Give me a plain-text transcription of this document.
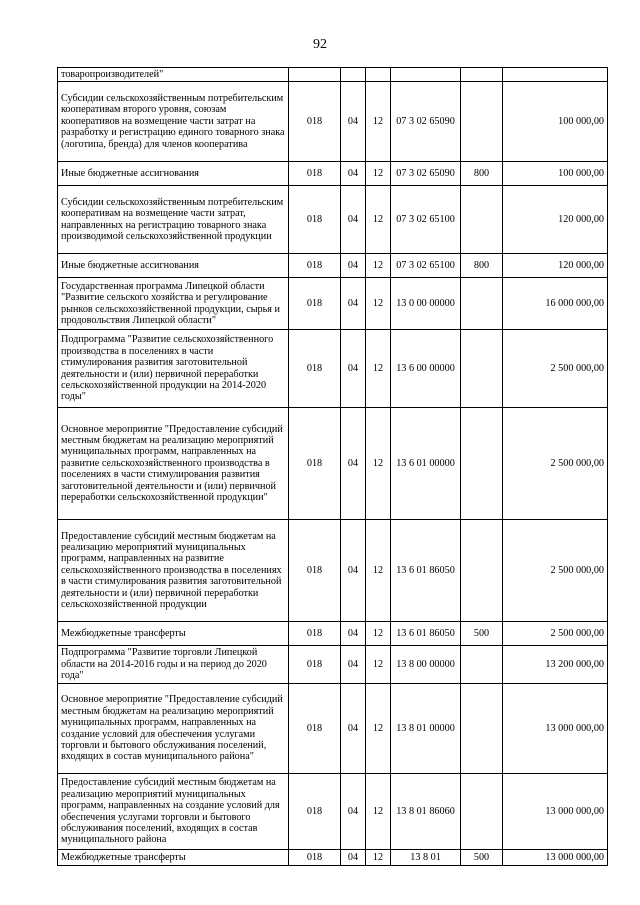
92
товаропроизводителей"						
Субсидии сельскохозяйственным потребительским кооперативам второго уровня, союзам кооперативов на возмещение части затрат на разработку и регистрацию единого товарного знака (логотипа, бренда) для членов кооператива	018	04	12	07 3 02 65090		100 000,00
Иные бюджетные ассигнования	018	04	12	07 3 02 65090	800	100 000,00
Субсидии сельскохозяйственным потребительским кооперативам на возмещение части затрат, направленных на регистрацию товарного знака производимой сельскохозяйственной продукции	018	04	12	07 3 02 65100		120 000,00
Иные бюджетные ассигнования	018	04	12	07 3 02 65100	800	120 000,00
Государственная программа Липецкой области "Развитие сельского хозяйства и регулирование рынков сельскохозяйственной продукции, сырья и продовольствия Липецкой области"	018	04	12	13 0 00 00000		16 000 000,00
Подпрограмма "Развитие сельскохозяйственного производства в поселениях в части стимулирования развития заготовительной деятельности и (или) первичной переработки сельскохозяйственной продукции на 2014-2020 годы"	018	04	12	13 6 00 00000		2 500 000,00
Основное мероприятие "Предоставление субсидий местным бюджетам на реализацию мероприятий муниципальных программ, направленных на развитие сельскохозяйственного производства в поселениях в части стимулирования развития заготовительной деятельности и (или) первичной переработки сельскохозяйственной продукции"	018	04	12	13 6 01 00000		2 500 000,00
Предоставление субсидий местным бюджетам на реализацию мероприятий муниципальных программ, направленных на развитие сельскохозяйственного производства в поселениях в части стимулирования развития заготовительной деятельности и (или) первичной переработки сельскохозяйственной продукции	018	04	12	13 6 01 86050		2 500 000,00
Межбюджетные трансферты	018	04	12	13 6 01 86050	500	2 500 000,00
Подпрограмма "Развитие торговли Липецкой области на 2014-2016 годы и на период до 2020 года"	018	04	12	13 8 00 00000		13 200 000,00
Основное мероприятие "Предоставление субсидий местным бюджетам на реализацию мероприятий муниципальных программ, направленных на создание условий для обеспечения услугами торговли и бытового обслуживания поселений, входящих в состав муниципального района"	018	04	12	13 8 01 00000		13 000 000,00
Предоставление субсидий местным бюджетам на реализацию мероприятий муниципальных программ, направленных на создание условий для обеспечения услугами торговли и бытового обслуживания поселений, входящих в состав муниципального района	018	04	12	13 8 01 86060		13 000 000,00
Межбюджетные трансферты	018	04	12	13 8 01	500	13 000 000,00
